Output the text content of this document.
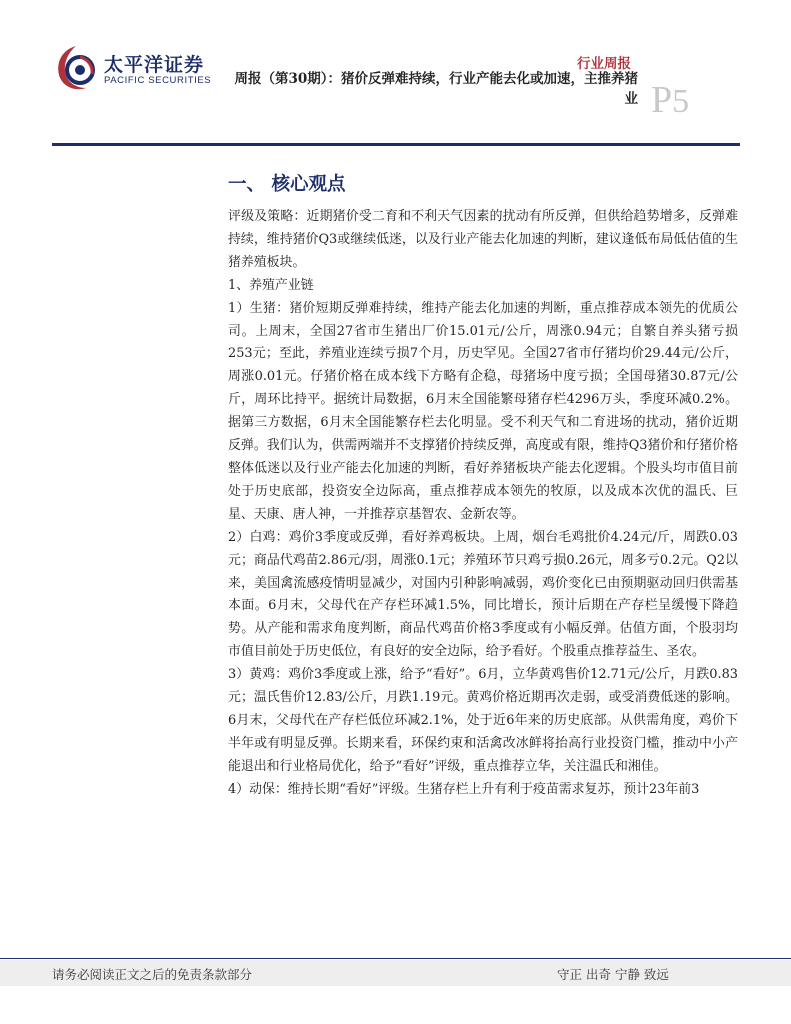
太平洋证券
PACIFIC SECURITIES
行业周报
周报（第30期）：猪价反弹难持续，行业产能去化或加速，主推养猪业 P5
一、 核心观点

评级及策略：近期猪价受二育和不利天气因素的扰动有所反弹，但供给趋势增多，反弹难持续，维持猪价Q3或继续低迷，以及行业产能去化加速的判断，建议逢低布局低估值的生猪养殖板块。

1、养殖产业链

1）生猪：猪价短期反弹难持续，维持产能去化加速的判断，重点推荐成本领先的优质公司。上周末，全国27省市生猪出厂价15.01元/公斤，周涨0.94元；自繁自养头猪亏损253元；至此，养殖业连续亏损7个月，历史罕见。全国27省市仔猪均价29.44元/公斤，周涨0.01元。仔猪价格在成本线下方略有企稳，母猪场中度亏损；全国母猪30.87元/公斤，周环比持平。据统计局数据，6月末全国能繁母猪存栏4296万头，季度环减0.2%。据第三方数据，6月末全国能繁存栏去化明显。受不利天气和二育进场的扰动，猪价近期反弹。我们认为，供需两端并不支撑猪价持续反弹，高度或有限，维持Q3猪价和仔猪价格整体低迷以及行业产能去化加速的判断，看好养猪板块产能去化逻辑。个股头均市值目前处于历史底部，投资安全边际高，重点推荐成本领先的牧原，以及成本次优的温氏、巨星、天康、唐人神，一并推荐京基智农、金新农等。

2）白鸡：鸡价3季度或反弹，看好养鸡板块。上周，烟台毛鸡批价4.24元/斤，周跌0.03元；商品代鸡苗2.86元/羽，周涨0.1元；养殖环节只鸡亏损0.26元，周多亏0.2元。Q2以来，美国禽流感疫情明显减少，对国内引种影响减弱，鸡价变化已由预期驱动回归供需基本面。6月末，父母代在产存栏环减1.5%，同比增长，预计后期在产存栏呈缓慢下降趋势。从产能和需求角度判断，商品代鸡苗价格3季度或有小幅反弹。估值方面，个股羽均市值目前处于历史低位，有良好的安全边际，给予看好。个股重点推荐益生、圣农。

3）黄鸡：鸡价3季度或上涨，给予“看好”。6月，立华黄鸡售价12.71元/公斤，月跌0.83元；温氏售价12.83/公斤，月跌1.19元。黄鸡价格近期再次走弱，或受消费低迷的影响。6月末，父母代在产存栏低位环减2.1%，处于近6年来的历史底部。从供需角度，鸡价下半年或有明显反弹。长期来看，环保约束和活禽改冰鲜将抬高行业投资门槛，推动中小产能退出和行业格局优化，给予“看好”评级，重点推荐立华，关注温氏和湘佳。

4）动保：维持长期“看好”评级。生猪存栏上升有利于疫苗需求复苏，预计23年前3

请务必阅读正文之后的免责条款部分	守正 出奇 宁静 致远
